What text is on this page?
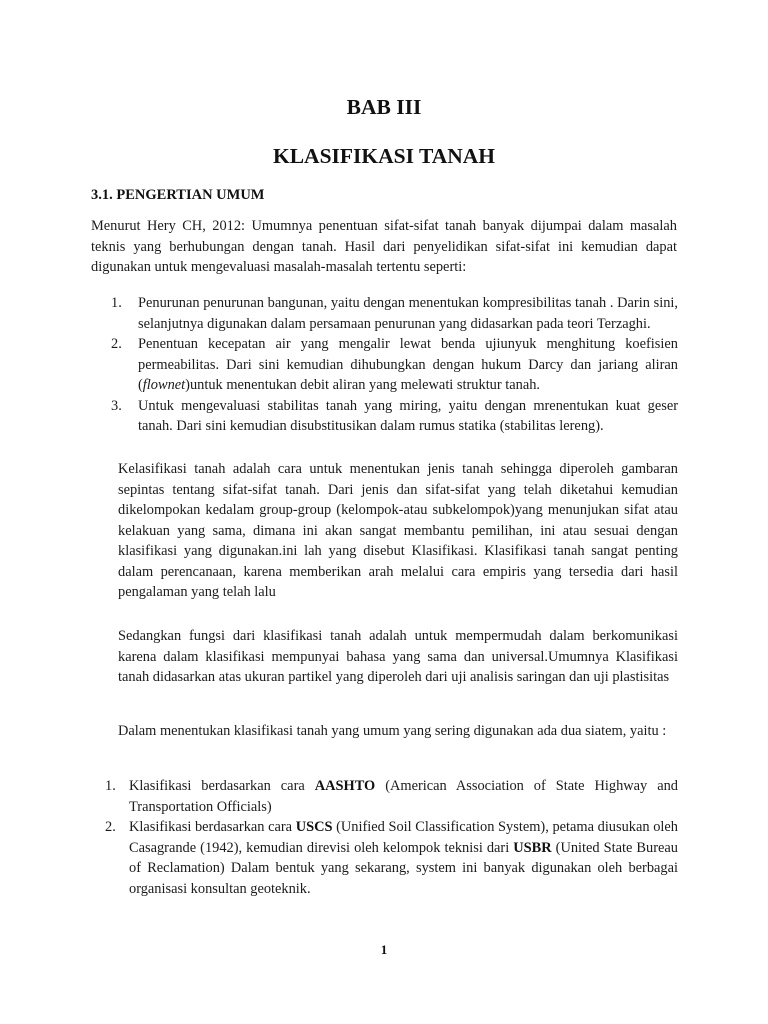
BAB III
KLASIFIKASI TANAH
3.1. PENGERTIAN UMUM

Menurut Hery CH, 2012: Umumnya penentuan sifat-sifat tanah banyak dijumpai dalam masalah teknis yang berhubungan dengan tanah. Hasil dari penyelidikan sifat-sifat ini kemudian dapat digunakan untuk mengevaluasi masalah-masalah tertentu seperti:

1. Penurunan penurunan bangunan, yaitu dengan menentukan kompresibilitas tanah . Darin sini, selanjutnya digunakan dalam persamaan penurunan yang didasarkan pada teori Terzaghi.
2. Penentuan kecepatan air yang mengalir lewat benda ujiunyuk menghitung koefisien permeabilitas. Dari sini kemudian dihubungkan dengan hukum Darcy dan jariang aliran (flownet)untuk menentukan debit aliran yang melewati struktur tanah.
3. Untuk mengevaluasi stabilitas tanah yang miring, yaitu dengan mrenentukan kuat geser tanah. Dari sini kemudian disubstitusikan dalam rumus statika (stabilitas lereng).

Kelasifikasi tanah adalah cara untuk menentukan jenis tanah sehingga diperoleh gambaran sepintas tentang sifat-sifat tanah. Dari jenis dan sifat-sifat yang telah diketahui kemudian dikelompokan kedalam group-group (kelompok-atau subkelompok)yang menunjukan sifat atau kelakuan yang sama, dimana ini akan sangat membantu pemilihan, ini atau sesuai dengan klasifikasi yang digunakan.ini lah yang disebut Klasifikasi. Klasifikasi tanah sangat penting dalam perencanaan, karena memberikan arah melalui cara empiris yang tersedia dari hasil pengalaman yang telah lalu

Sedangkan fungsi dari klasifikasi tanah adalah untuk mempermudah dalam berkomunikasi karena dalam klasifikasi mempunyai bahasa yang sama dan universal.Umumnya Klasifikasi tanah didasarkan atas ukuran partikel yang diperoleh dari uji analisis saringan dan uji plastisitas

Dalam menentukan klasifikasi tanah yang umum yang sering digunakan ada dua siatem, yaitu :

1. Klasifikasi berdasarkan cara AASHTO (American Association of State Highway and Transportation Officials)
2. Klasifikasi berdasarkan cara USCS (Unified Soil Classification System), petama diusukan oleh Casagrande (1942), kemudian direvisi oleh kelompok teknisi dari USBR (United State Bureau of Reclamation) Dalam bentuk yang sekarang, system ini banyak digunakan oleh berbagai organisasi konsultan geoteknik.
1
